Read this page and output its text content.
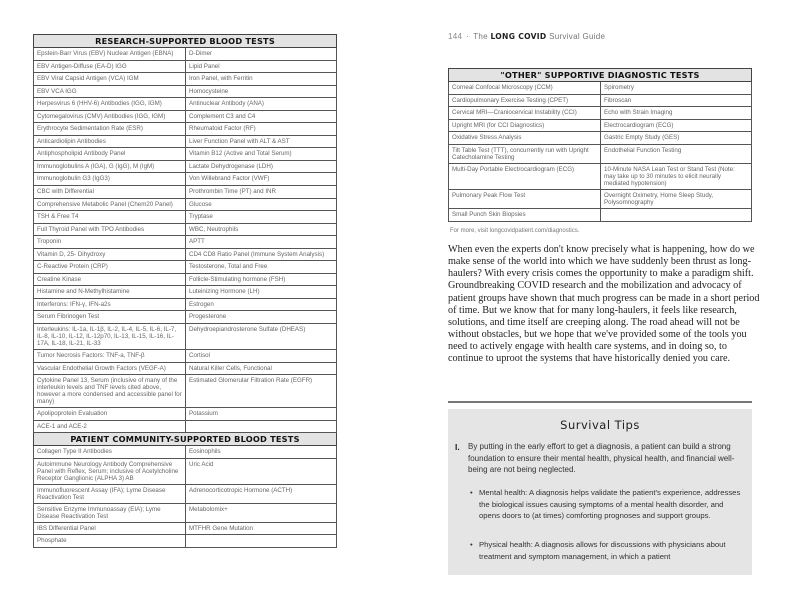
RESEARCH-SUPPORTED BLOOD TESTS	
Epstein-Barr Virus (EBV) Nuclear Antigen (EBNA)	D-Dimer
EBV Antigen-Diffuse (EA-D) IGG	Lipid Panel
EBV Viral Capsid Antigen (VCA) IGM	Iron Panel, with Ferritin
EBV VCA IGG	Homocysteine
Herpesvirus 6 (HHV-6) Antibodies (IGG, IGM)	Antinuclear Antibody (ANA)
Cytomegalovirus (CMV) Antibodies (IGG, IGM)	Complement C3 and C4
Erythrocyte Sedimentation Rate (ESR)	Rheumatoid Factor (RF)
Anticardiolipin Antibodies	Liver Function Panel with ALT & AST
Antiphospholipid Antibody Panel	Vitamin B12 (Active and Total Serum)
Immunoglobulins A (IGA), G (IgG), M (IgM)	Lactate Dehydrogenase (LDH)
Immunoglobulin G3 (IgG3)	Von Willebrand Factor (VWF)
CBC with Differential	Prothrombin Time (PT) and INR
Comprehensive Metabolic Panel (Chem20 Panel)	Glucose
TSH & Free T4	Tryptase
Full Thyroid Panel with TPO Antibodies	WBC, Neutrophils
Troponin	APTT
Vitamin D, 25- Dihydroxy	CD4 CD8 Ratio Panel (Immune System Analysis)
C-Reactive Protein (CRP)	Testosterone, Total and Free
Creatine Kinase	Follicle-Stimulating hormone (FSH)
Histamine and N-Methylhistamine	Luteinizing Hormone (LH)
Interferons: IFN-γ, IFN-a2s	Estrogen
Serum Fibrinogen Test	Progesterone
Interleukins: IL-1a, IL-1β, IL-2, IL-4, IL-5, IL-6, IL-7, IL-8, IL-10, IL-12, IL-12p70, IL-13, IL-15, IL-16, IL-17A, IL-18, IL-21, IL-33	Dehydroepiandrosterone Sulfate (DHEAS)
Tumor Necrosis Factors: TNF-a, TNF-β	Cortisol
Vascular Endothelial Growth Factors (VEGF-A)	Natural Killer Cells, Functional
Cytokine Panel 13, Serum (inclusive of many of the interleukin levels and TNF levels cited above, however a more condensed and accessible panel for many)	Estimated Glomerular Filtration Rate (EGFR)
Apolipoprotein Evaluation	Potassium
ACE-1 and ACE-2	
PATIENT COMMUNITY-SUPPORTED BLOOD TESTS	
Collagen Type II Antibodies	Eosinophils
Autoimmune Neurology Antibody Comprehensive Panel with Reflex, Serum; inclusive of Acetylcholine Receptor Ganglionic (ALPHA 3) AB	Uric Acid
Immunofluorescent Assay (IFA); Lyme Disease Reactivation Test	Adrenocorticotropic Hormone (ACTH)
Sensitive Enzyme Immunoassay (EIA); Lyme Disease Reactivation Test	Metabolomix+
IBS Differential Panel	MTFHR Gene Mutation
Phosphate	
144 · The LONG COVID Survival Guide
"OTHER" SUPPORTIVE DIAGNOSTIC TESTS	
Corneal Confocal Microscopy (CCM)	Spirometry
Cardiopulmonary Exercise Testing (CPET)	Fibroscan
Cervical MRI—Craniocervical Instability (CCI)	Echo with Strain Imaging
Upright MRI (for CCI Diagnostics)	Electrocardiogram (ECG)
Oxidative Stress Analysis	Gastric Empty Study (GES)
Tilt Table Test (TTT), concurrently run with Upright Catecholamine Testing	Endothelial Function Testing
Multi-Day Portable Electrocardiogram (ECG)	10-Minute NASA Lean Test or Stand Test (Note: may take up to 30 minutes to elicit neurally mediated hypotension)
Pulmonary Peak Flow Test	Overnight Oximetry, Home Sleep Study, Polysomnography
Small Punch Skin Biopsies	
For more, visit longcovidpatient.com/diagnostics.

When even the experts don't know precisely what is happening, how do we make sense of the world into which we have suddenly been thrust as long-haulers? With every crisis comes the opportunity to make a paradigm shift. Groundbreaking COVID research and the mobilization and advocacy of patient groups have shown that much progress can be made in a short period of time. But we know that for many long-haulers, it feels like research, solutions, and time itself are creeping along. The road ahead will not be without obstacles, but we hope that we've provided some of the tools you need to actively engage with health care systems, and in doing so, to continue to uproot the systems that have historically denied you care.

Survival Tips
I. By putting in the early effort to get a diagnosis, a patient can build a strong foundation to ensure their mental health, physical health, and financial well-being are not being neglected.
• Mental health: A diagnosis helps validate the patient's experience, addresses the biological issues causing symptoms of a mental health disorder, and opens doors to (at times) comforting prognoses and support groups.
• Physical health: A diagnosis allows for discussions with physicians about treatment and symptom management, in which a patient
